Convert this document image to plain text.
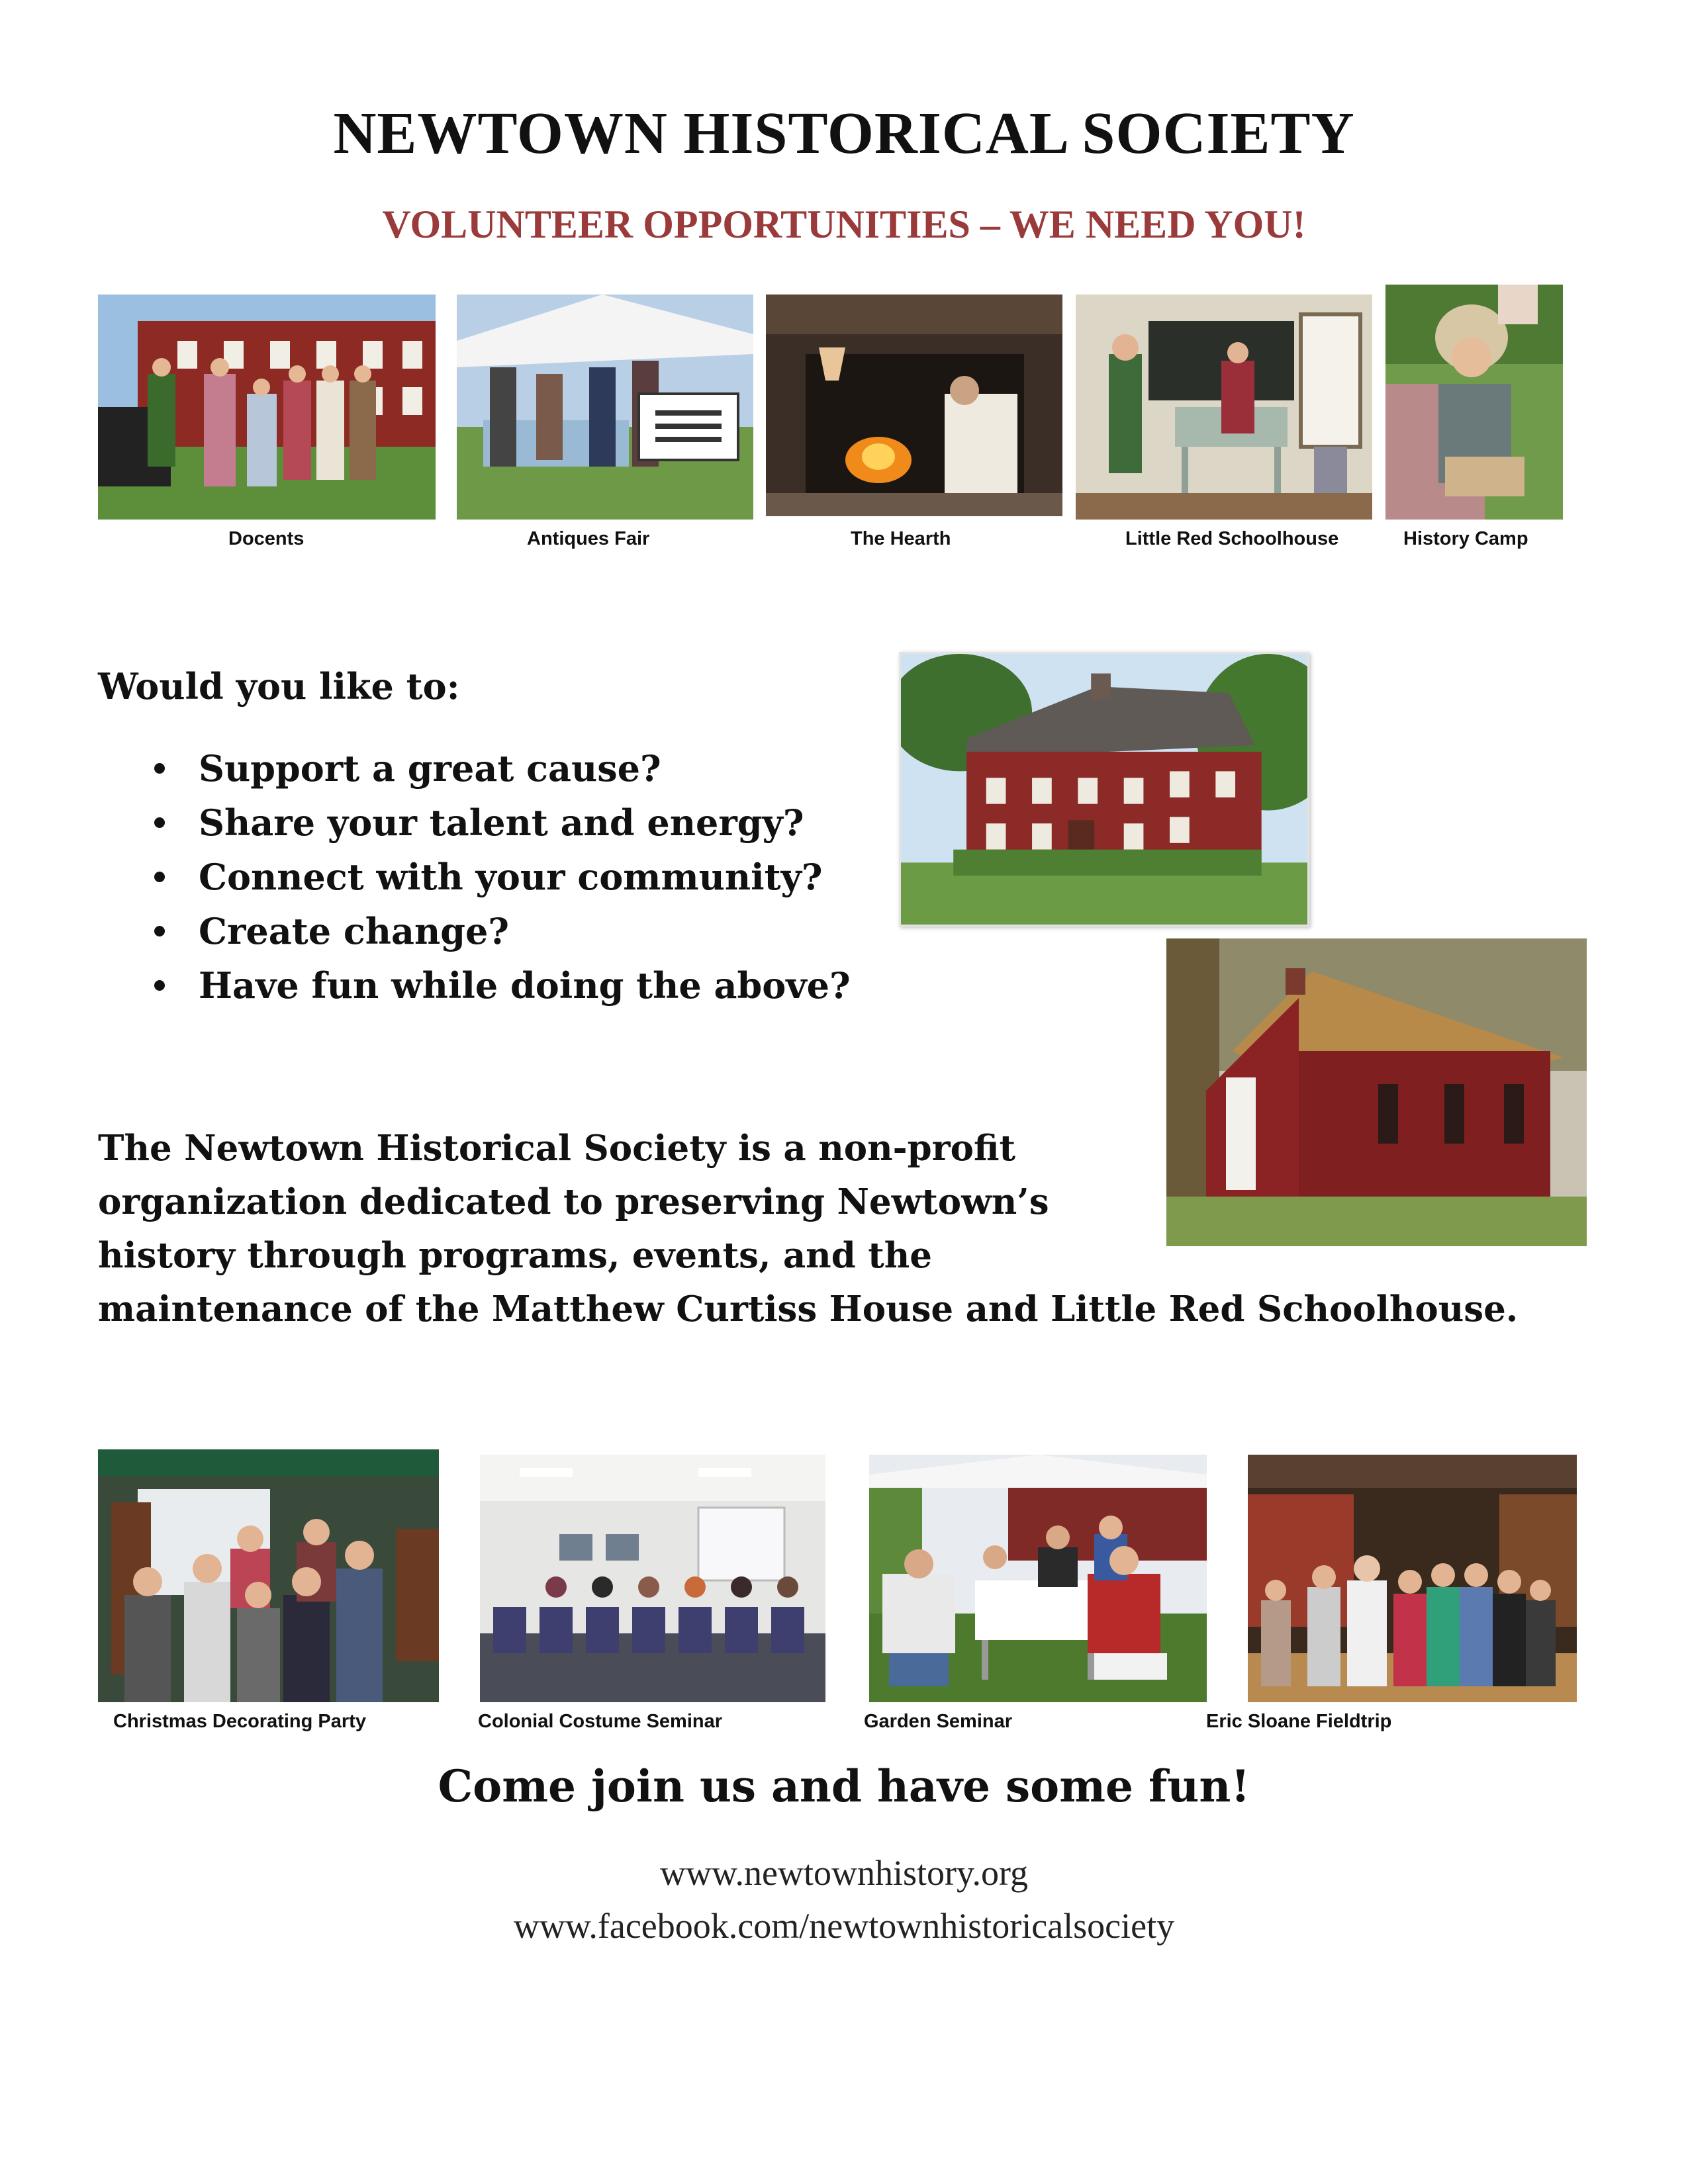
NEWTOWN HISTORICAL SOCIETY
VOLUNTEER OPPORTUNITIES – WE NEED YOU!
Docents	Antiques Fair	The Hearth	Little Red Schoolhouse	History Camp
Would you like to:
Support a great cause?
Share your talent and energy?
Connect with your community?
Create change?
Have fun while doing the above?
The Newtown Historical Society is a non-profit
organization dedicated to preserving Newtown’s
history through programs, events, and the
maintenance of the Matthew Curtiss House and Little Red Schoolhouse.
Christmas Decorating Party	Colonial Costume Seminar	Garden Seminar	Eric Sloane Fieldtrip
Come join us and have some fun!
www.newtownhistory.org
www.facebook.com/newtownhistoricalsociety
